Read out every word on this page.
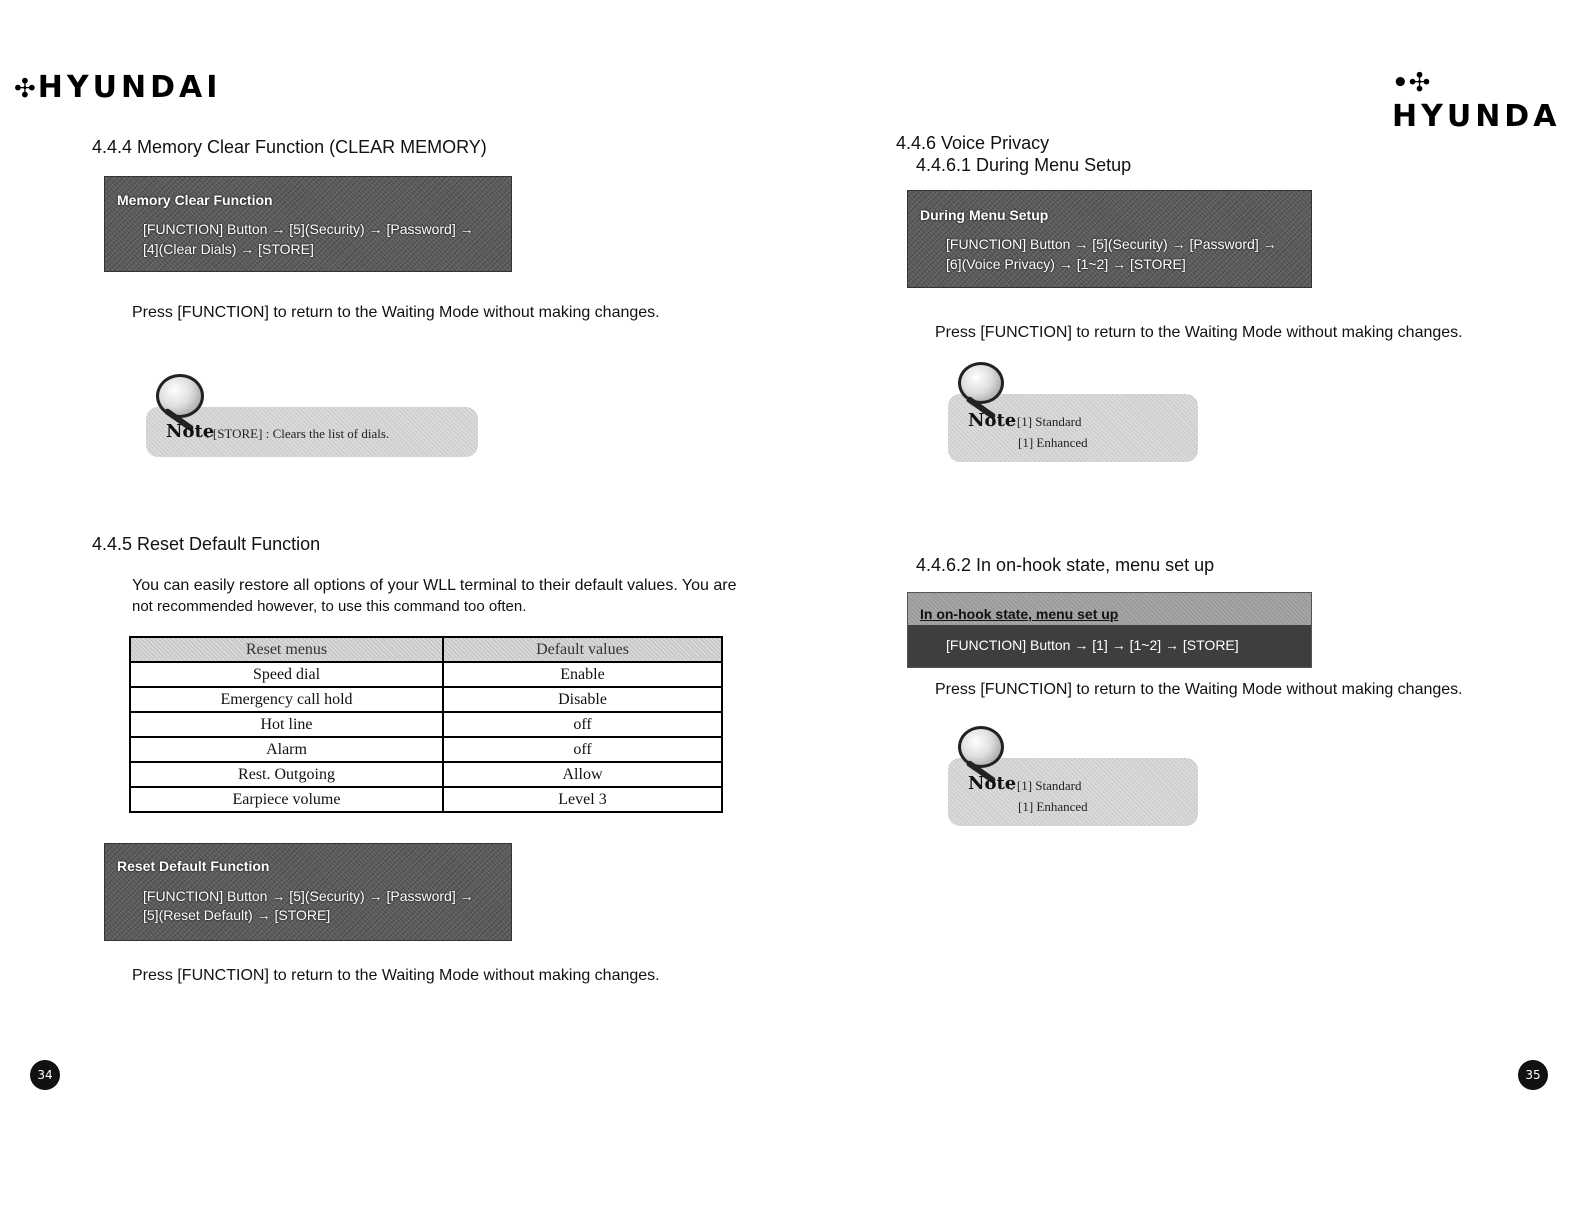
✣HYUNDAI	•✣HYUNDA
4.4.4 Memory Clear Function (CLEAR MEMORY)
Memory Clear Function
[FUNCTION] Button → [5](Security) → [Password] →
[4](Clear Dials) → [STORE]
Press [FUNCTION] to return to the Waiting Mode without making changes.
: [STORE] : Clears the list of dials.
Note
4.4.5 Reset Default Function
You can easily restore all options of your WLL terminal to their default values. You are
not recommended however, to use this command too often.
Reset menus	Default values
Speed dial	Enable
Emergency call hold	Disable
Hot line	off
Alarm	off
Rest. Outgoing	Allow
Earpiece volume	Level 3
Reset Default Function
[FUNCTION] Button → [5](Security) → [Password] →
[5](Reset Default) → [STORE]
Press [FUNCTION] to return to the Waiting Mode without making changes.
34
4.4.6 Voice Privacy
4.4.6.1 During Menu Setup
During Menu Setup
[FUNCTION] Button → [5](Security) → [Password] →
[6](Voice Privacy) → [1~2] → [STORE]
Press [FUNCTION] to return to the Waiting Mode without making changes.
: [1] Standard
[1] Enhanced
Note
4.4.6.2 In on-hook state, menu set up
In on-hook state, menu set up
[FUNCTION] Button → [1] → [1~2] → [STORE]
Press [FUNCTION] to return to the Waiting Mode without making changes.
: [1] Standard
[1] Enhanced
Note
35
